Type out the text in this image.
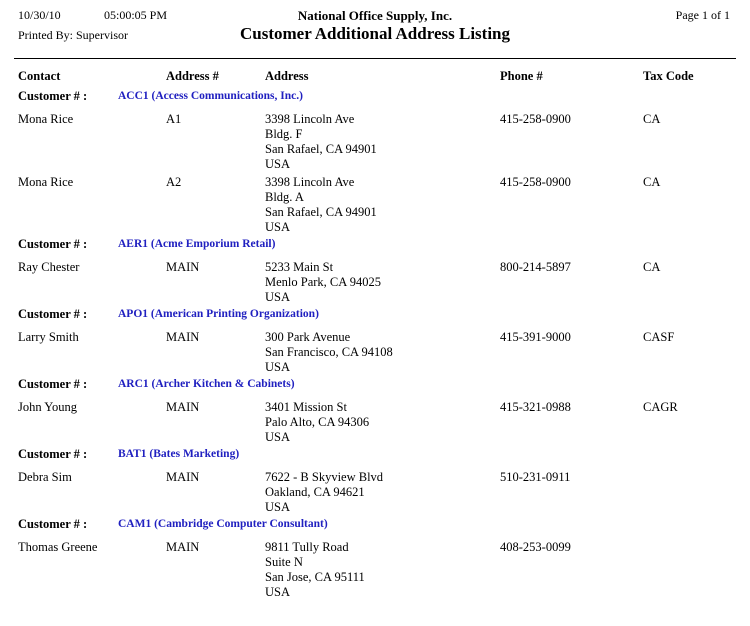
10/30/10	05:00:05 PM	National Office Supply, Inc.	Page 1 of 1
Printed By: Supervisor	Customer Additional Address Listing
Contact	Address #	Address	Phone #	Tax Code
Customer # :	ACC1 (Access Communications, Inc.)
Mona Rice	A1	3398 Lincoln Ave
Bldg. F
San Rafael, CA 94901
USA
415-258-0900	CA
Mona Rice	A2	3398 Lincoln Ave
Bldg. A
San Rafael, CA 94901
USA
415-258-0900	CA
Customer # :	AER1 (Acme Emporium Retail)
Ray Chester	MAIN	5233 Main St
Menlo Park, CA 94025
USA
800-214-5897	CA
Customer # :	APO1 (American Printing Organization)
Larry Smith	MAIN	300 Park Avenue
San Francisco, CA 94108
USA
415-391-9000	CASF
Customer # :	ARC1 (Archer Kitchen & Cabinets)
John Young	MAIN	3401 Mission St
Palo Alto, CA 94306
USA
415-321-0988	CAGR
Customer # :	BAT1 (Bates Marketing)
Debra Sim	MAIN	7622 - B Skyview Blvd
Oakland, CA 94621
USA
510-231-0911
Customer # :	CAM1 (Cambridge Computer Consultant)
Thomas Greene	MAIN	9811 Tully Road
Suite N
San Jose, CA 95111
USA
408-253-0099
